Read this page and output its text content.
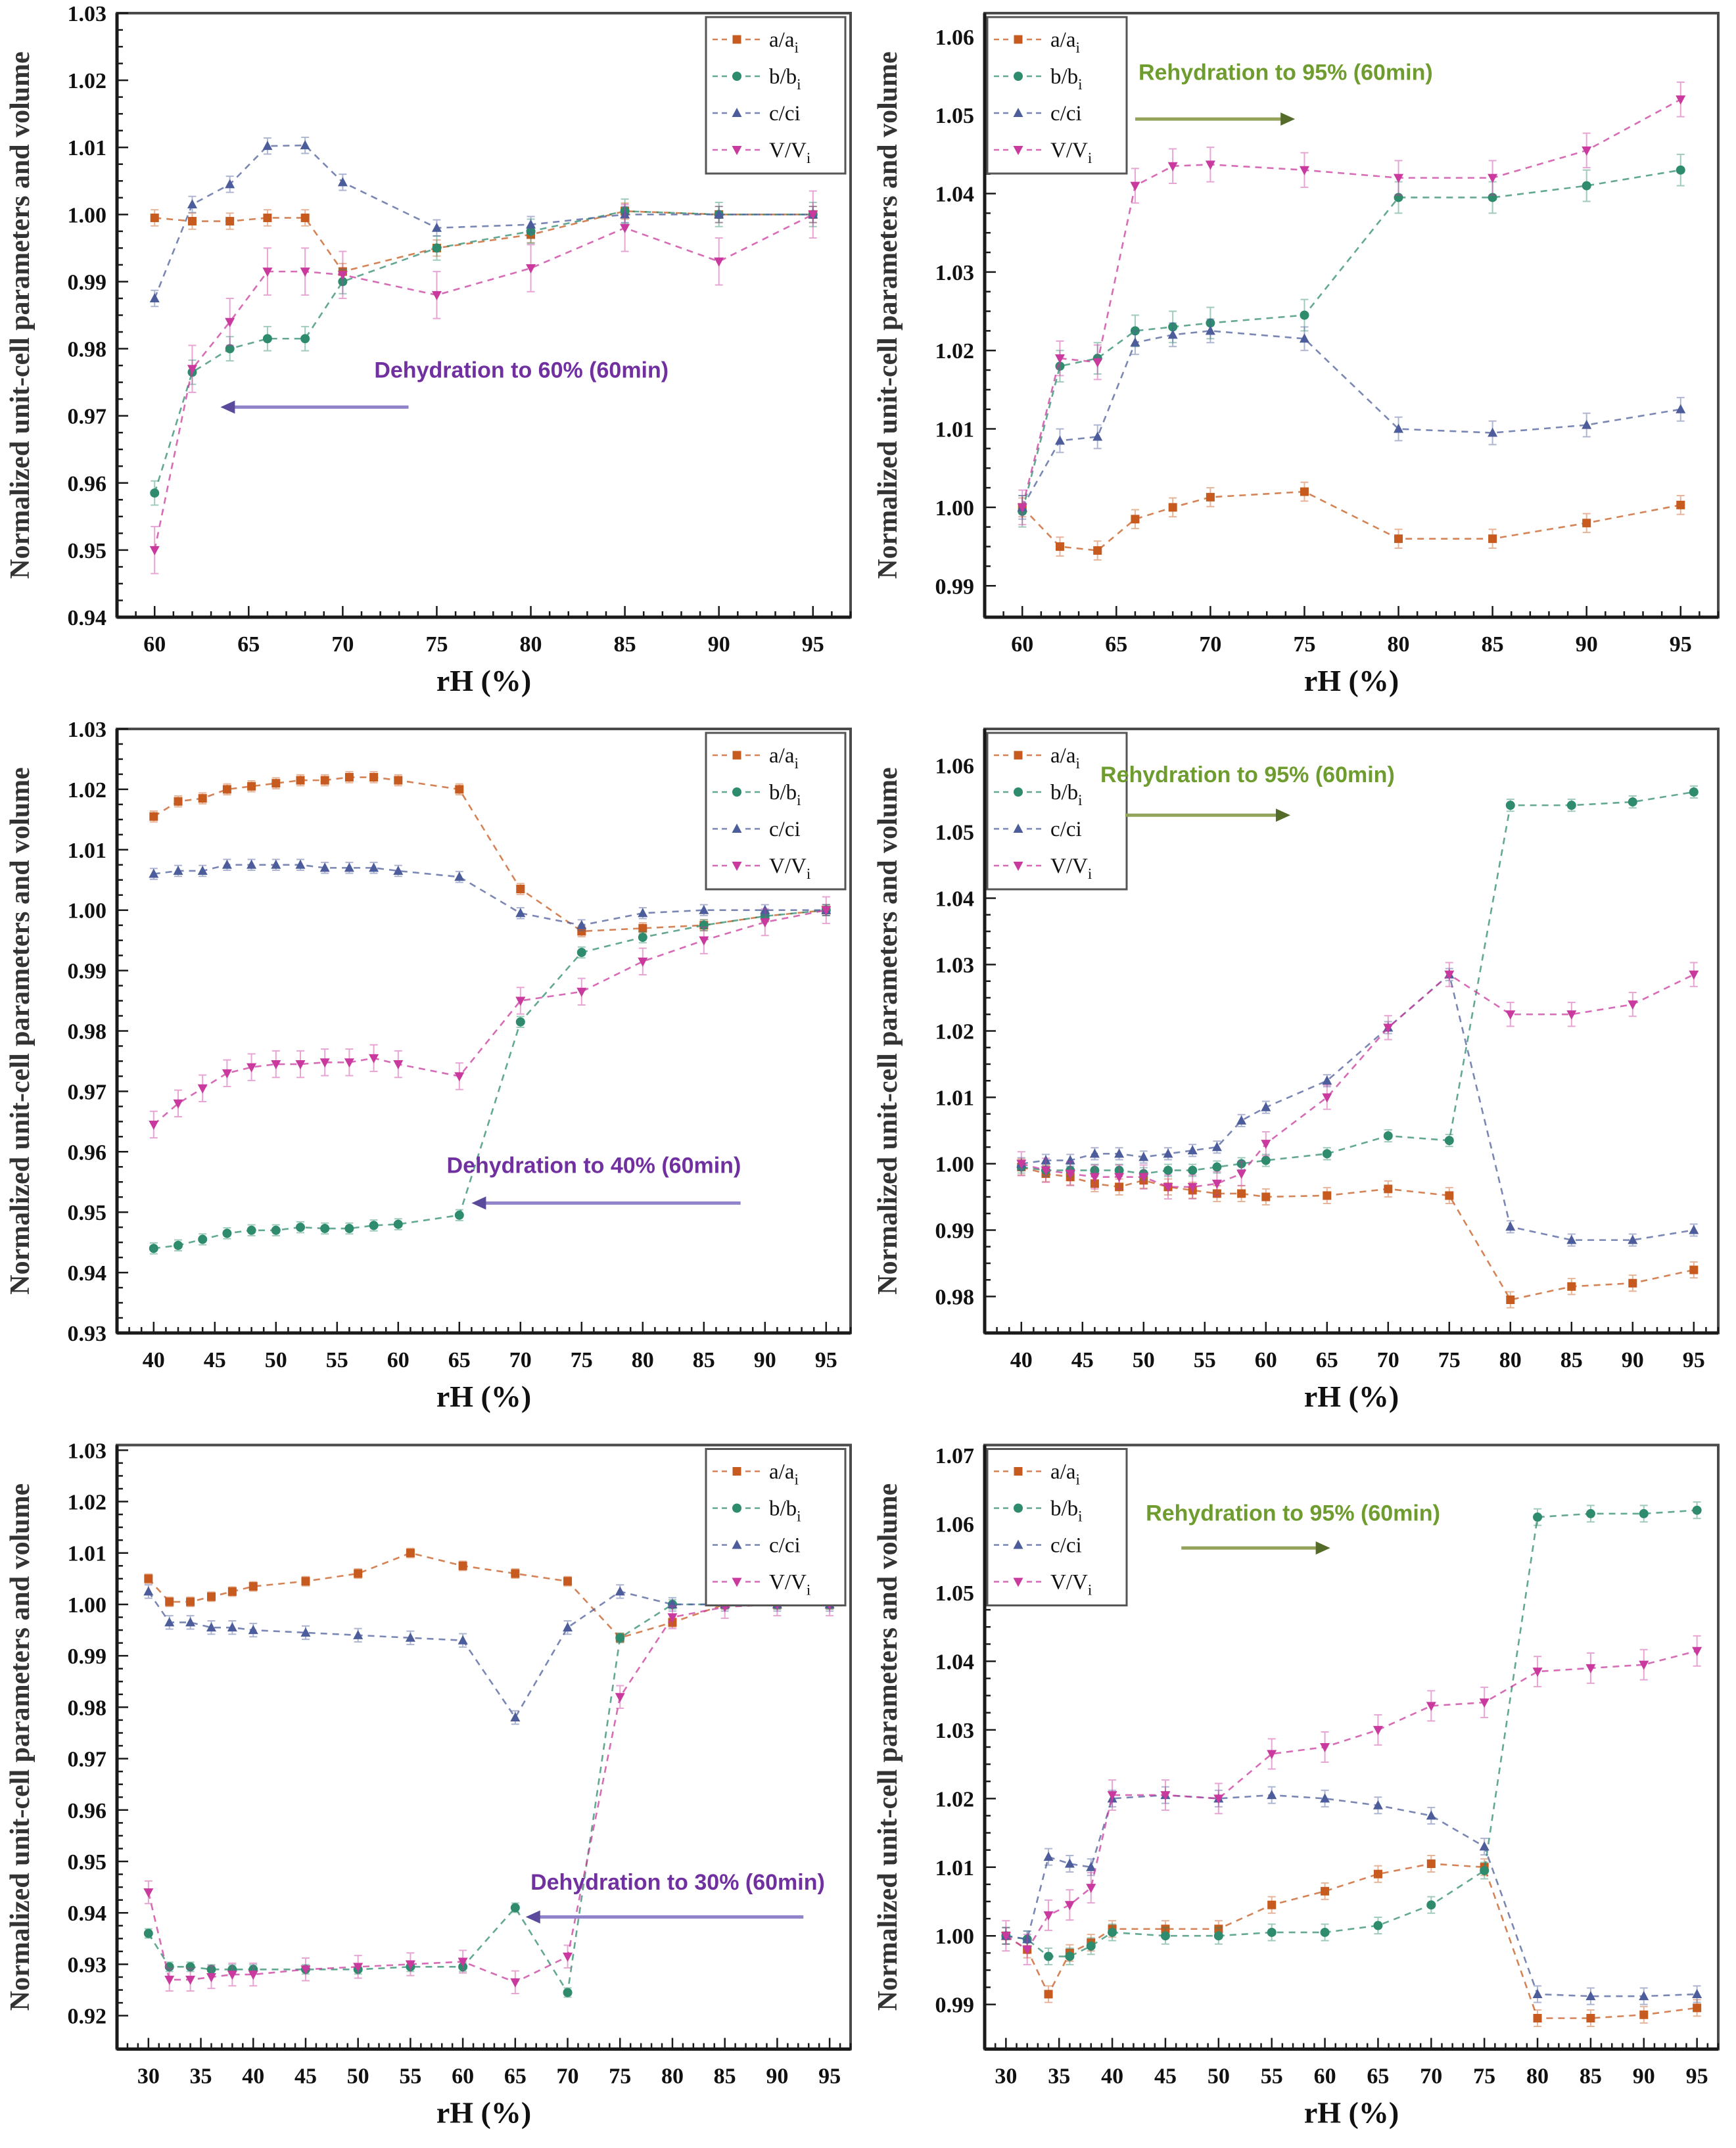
0.94
0.95
0.96
0.97
0.98
0.99
1.00
1.01
1.02
1.03
60	65	70	75	80	85	90	95
rH (%)
Normalized unit-cell parameters and volume
$a/a_i$
$b/b_i$
c/ci
$V/V_i$
Dehydration to 60% (60min)
0.99
1.00
1.01
1.02
1.03
1.04
1.05
1.06
60	65	70	75	80	85	90	95
rH (%)
Normalized unit-cell parameters and volume
$a/a_i$
$b/b_i$
c/ci
$V/V_i$
Rehydration to 95% (60min)
0.93
0.94
0.95
0.96
0.97
0.98
0.99
1.00
1.01
1.02
1.03
40 45 50 55 60 65 70 75 80 85 90 95
rH (%)
Normalized unit-cell parameters and volume
$a/a_i$
$b/b_i$
c/ci
$V/V_i$
Dehydration to 40% (60min)
0.98
0.99
1.00
1.01
1.02
1.03
1.04
1.05
1.06
40 45 50 55 60 65 70 75 80 85 90 95
rH (%)
Normalized unit-cell parameters and volume
$a/a_i$
$b/b_i$
c/ci
$V/V_i$
Rehydration to 95% (60min)
0.92
0.93
0.94
0.95
0.96
0.97
0.98
0.99
1.00
1.01
1.02
1.03
30 35 40 45 50 55 60 65 70 75 80 85 90 95
rH (%)
Normalized unit-cell parameters and volume
$a/a_i$
$b/b_i$
c/ci
$V/V_i$
Dehydration to 30% (60min)
0.99
1.00
1.01
1.02
1.03
1.04
1.05
1.06
1.07
30 35 40 45 50 55 60 65 70 75 80 85 90 95
rH (%)
Normalized unit-cell parameters and volume
$a/a_i$
$b/b_i$
c/ci
$V/V_i$
Rehydration to 95% (60min)
